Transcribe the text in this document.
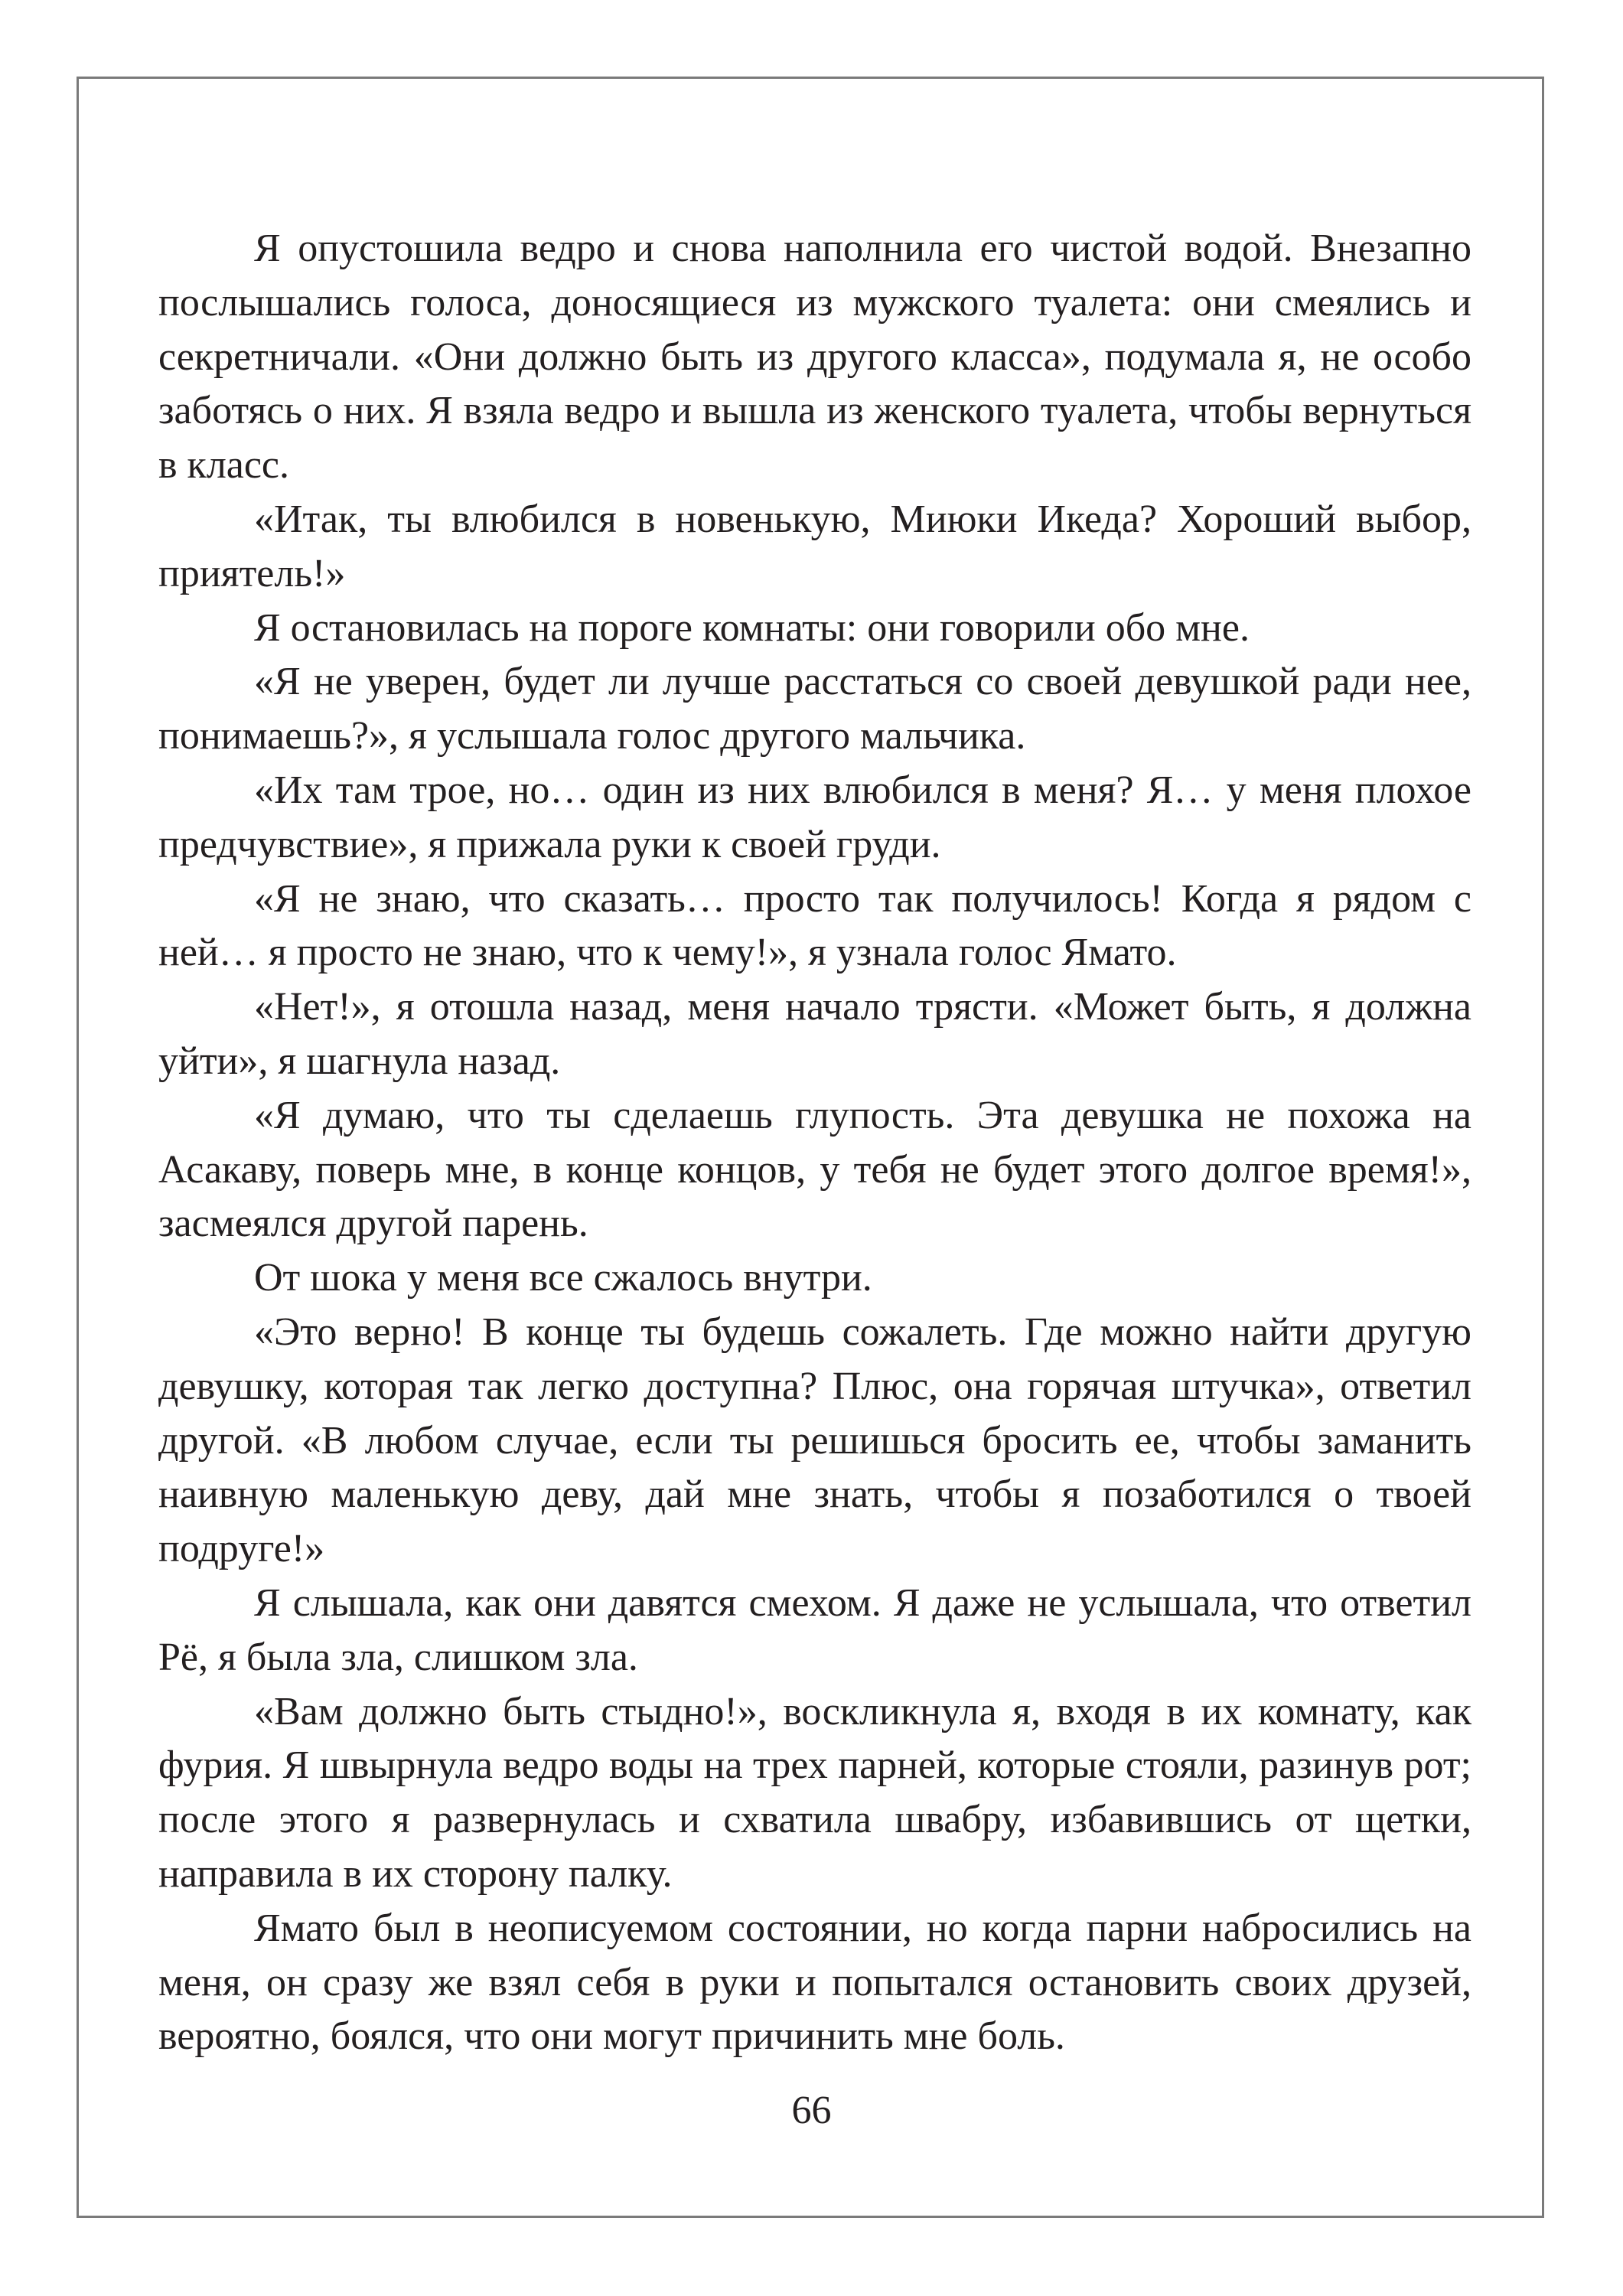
Я опустошила ведро и снова наполнила его чистой водой. Внезапно послышались голоса, доносящиеся из мужского туалета: они смеялись и секретничали. «Они должно быть из другого класса», подумала я, не особо заботясь о них. Я взяла ведро и вышла из женского туалета, чтобы вернуться в класс.

«Итак, ты влюбился в новенькую, Миюки Икеда? Хороший выбор, приятель!»

Я остановилась на пороге комнаты: они говорили обо мне.

«Я не уверен, будет ли лучше расстаться со своей девушкой ради нее, понимаешь?», я услышала голос другого мальчика.

«Их там трое, но… один из них влюбился в меня? Я… у меня плохое предчувствие», я прижала руки к своей груди.

«Я не знаю, что сказать… просто так получилось! Когда я рядом с ней… я просто не знаю, что к чему!», я узнала голос Ямато.

«Нет!», я отошла назад, меня начало трясти. «Может быть, я должна уйти», я шагнула назад.

«Я думаю, что ты сделаешь глупость. Эта девушка не похожа на Асакаву, поверь мне, в конце концов, у тебя не будет этого долгое время!», засмеялся другой парень.

От шока у меня все сжалось внутри.

«Это верно! В конце ты будешь сожалеть. Где можно найти другую девушку, которая так легко доступна? Плюс, она горячая штучка», ответил другой. «В любом случае, если ты решишься бросить ее, чтобы заманить наивную маленькую деву, дай мне знать, чтобы я позаботился о твоей подруге!»

Я слышала, как они давятся смехом. Я даже не услышала, что ответил Рё, я была зла, слишком зла.

«Вам должно быть стыдно!», воскликнула я, входя в их комнату, как фурия. Я швырнула ведро воды на трех парней, которые стояли, разинув рот; после этого я развернулась и схватила швабру, избавившись от щетки, направила в их сторону палку.

Ямато был в неописуемом состоянии, но когда парни набросились на меня, он сразу же взял себя в руки и попытался остановить своих друзей, вероятно, боялся, что они могут причинить мне боль.

66
